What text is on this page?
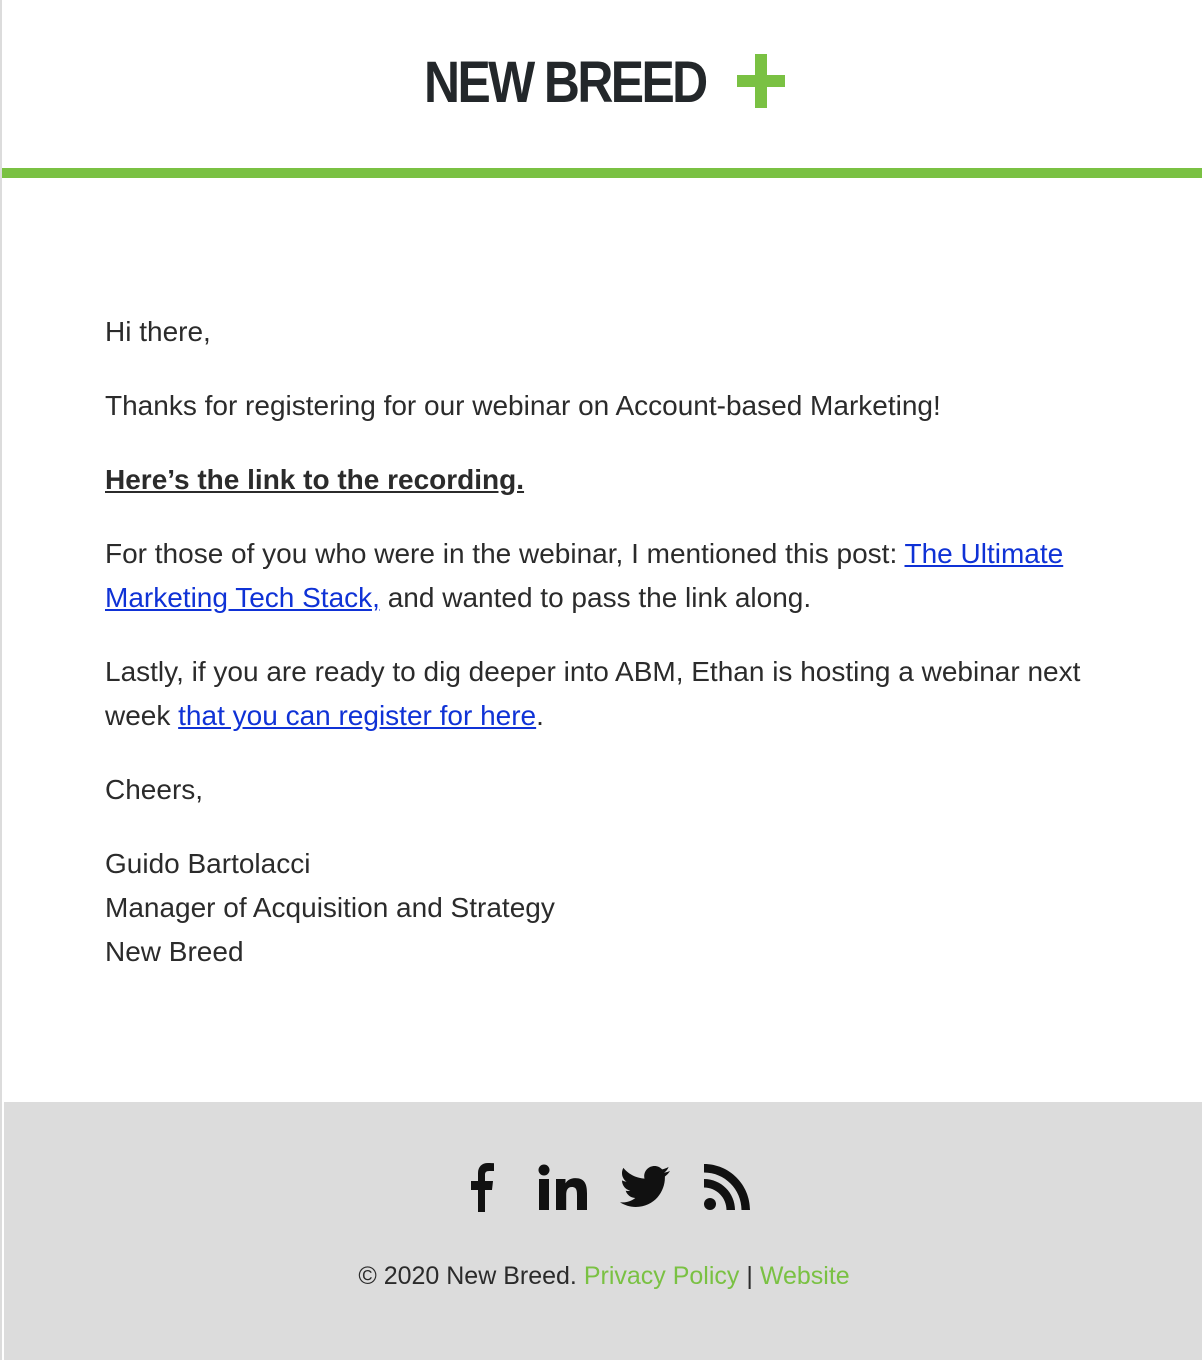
NEW BREED

Hi there,

Thanks for registering for our webinar on Account-based Marketing!

Here’s the link to the recording.

For those of you who were in the webinar, I mentioned this post: The Ultimate Marketing Tech Stack, and wanted to pass the link along.

Lastly, if you are ready to dig deeper into ABM, Ethan is hosting a webinar next week that you can register for here.

Cheers,

Guido Bartolacci

Manager of Acquisition and Strategy

New Breed

© 2020 New Breed. Privacy Policy | Website
